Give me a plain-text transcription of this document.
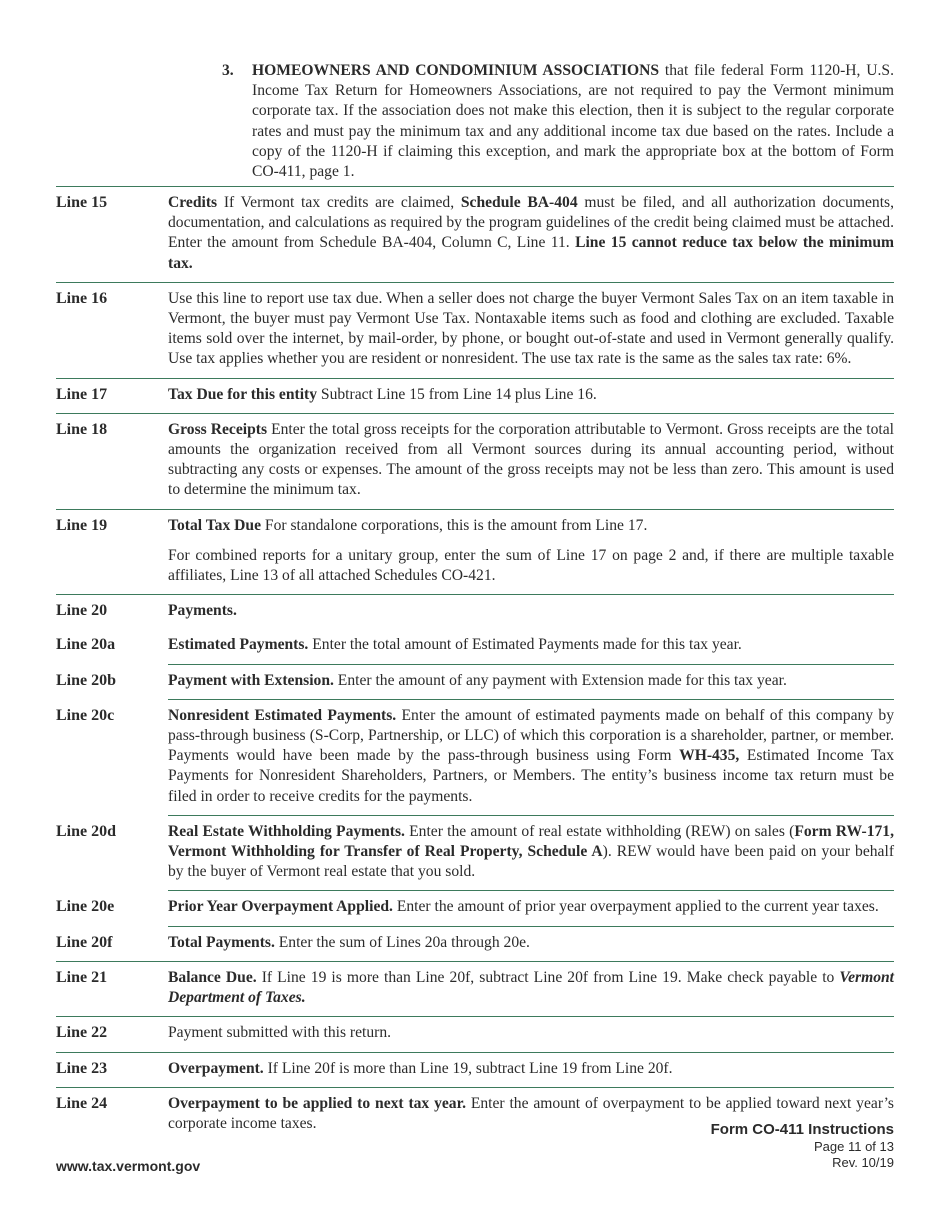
3. HOMEOWNERS AND CONDOMINIUM ASSOCIATIONS that file federal Form 1120-H, U.S. Income Tax Return for Homeowners Associations, are not required to pay the Vermont minimum corporate tax. If the association does not make this election, then it is subject to the regular corporate rates and must pay the minimum tax and any additional income tax due based on the rates. Include a copy of the 1120-H if claiming this exception, and mark the appropriate box at the bottom of Form CO-411, page 1.
Line 15	Credits If Vermont tax credits are claimed, Schedule BA-404 must be filed, and all authorization documents, documentation, and calculations as required by the program guidelines of the credit being claimed must be attached. Enter the amount from Schedule BA-404, Column C, Line 11. Line 15 cannot reduce tax below the minimum tax.
Line 16	Use this line to report use tax due. When a seller does not charge the buyer Vermont Sales Tax on an item taxable in Vermont, the buyer must pay Vermont Use Tax. Nontaxable items such as food and clothing are excluded. Taxable items sold over the internet, by mail-order, by phone, or bought out-of-state and used in Vermont generally qualify. Use tax applies whether you are resident or nonresident. The use tax rate is the same as the sales tax rate: 6%.
Line 17	Tax Due for this entity Subtract Line 15 from Line 14 plus Line 16.
Line 18	Gross Receipts Enter the total gross receipts for the corporation attributable to Vermont. Gross receipts are the total amounts the organization received from all Vermont sources during its annual accounting period, without subtracting any costs or expenses. The amount of the gross receipts may not be less than zero. This amount is used to determine the minimum tax.
Line 19	Total Tax Due For standalone corporations, this is the amount from Line 17.
For combined reports for a unitary group, enter the sum of Line 17 on page 2 and, if there are multiple taxable affiliates, Line 13 of all attached Schedules CO-421.
Line 20	Payments.
Line 20a	Estimated Payments. Enter the total amount of Estimated Payments made for this tax year.
Line 20b	Payment with Extension. Enter the amount of any payment with Extension made for this tax year.
Line 20c	Nonresident Estimated Payments. Enter the amount of estimated payments made on behalf of this company by pass-through business (S-Corp, Partnership, or LLC) of which this corporation is a shareholder, partner, or member. Payments would have been made by the pass-through business using Form WH-435, Estimated Income Tax Payments for Nonresident Shareholders, Partners, or Members. The entity’s business income tax return must be filed in order to receive credits for the payments.
Line 20d	Real Estate Withholding Payments. Enter the amount of real estate withholding (REW) on sales (Form RW-171, Vermont Withholding for Transfer of Real Property, Schedule A). REW would have been paid on your behalf by the buyer of Vermont real estate that you sold.
Line 20e	Prior Year Overpayment Applied. Enter the amount of prior year overpayment applied to the current year taxes.
Line 20f	Total Payments. Enter the sum of Lines 20a through 20e.
Line 21	Balance Due. If Line 19 is more than Line 20f, subtract Line 20f from Line 19. Make check payable to Vermont Department of Taxes.
Line 22	Payment submitted with this return.
Line 23	Overpayment. If Line 20f is more than Line 19, subtract Line 19 from Line 20f.
Line 24	Overpayment to be applied to next tax year. Enter the amount of overpayment to be applied toward next year’s corporate income taxes.	Form CO-411 Instructions
Page 11 of 13
Rev. 10/19
www.tax.vermont.gov
